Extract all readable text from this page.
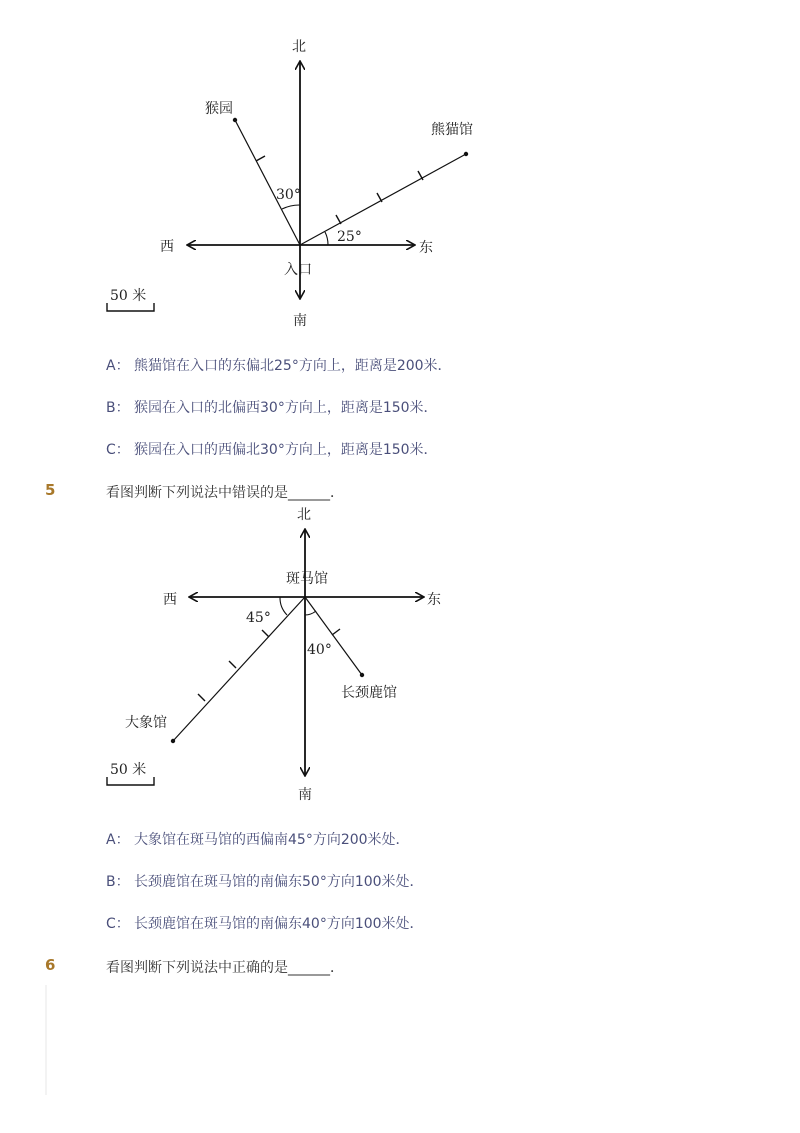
北
南
东
西
入口
猴园
熊猫馆
30°
25°
50 米
A： 熊猫馆在入口的东偏北25°方向上，距离是200米．
B： 猴园在入口的北偏西30°方向上，距离是150米．
C： 猴园在入口的西偏北30°方向上，距离是150米．
5	看图判断下列说法中错误的是______．
北
南
东
西
斑马馆
大象馆
长颈鹿馆
45°
40°
50 米
A： 大象馆在斑马馆的西偏南45°方向200米处．
B： 长颈鹿馆在斑马馆的南偏东50°方向100米处．
C： 长颈鹿馆在斑马馆的南偏东40°方向100米处．
6	看图判断下列说法中正确的是______．
